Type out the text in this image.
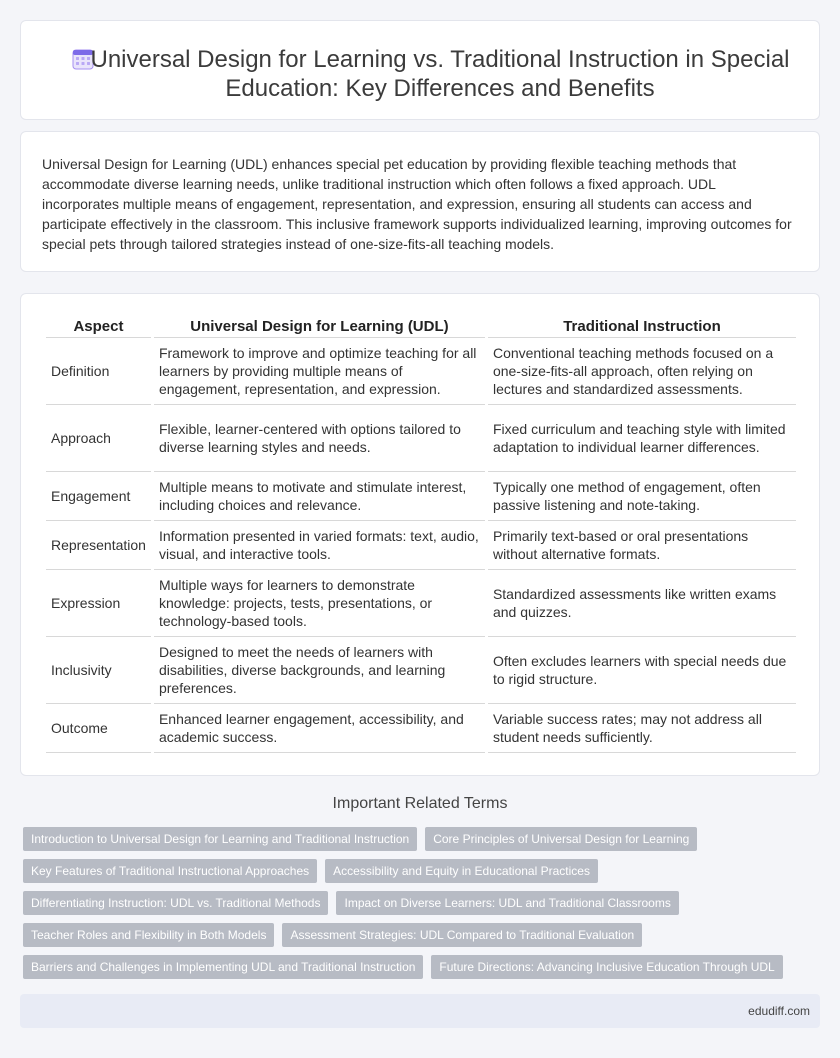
Universal Design for Learning vs. Traditional Instruction in Special Education: Key Differences and Benefits

Universal Design for Learning (UDL) enhances special pet education by providing flexible teaching methods that accommodate diverse learning needs, unlike traditional instruction which often follows a fixed approach. UDL incorporates multiple means of engagement, representation, and expression, ensuring all students can access and participate effectively in the classroom. This inclusive framework supports individualized learning, improving outcomes for special pets through tailored strategies instead of one-size-fits-all teaching models.

Aspect	Universal Design for Learning (UDL)	Traditional Instruction
Definition	Framework to improve and optimize teaching for all learners by providing multiple means of engagement, representation, and expression.	Conventional teaching methods focused on a one-size-fits-all approach, often relying on lectures and standardized assessments.
Approach	Flexible, learner-centered with options tailored to diverse learning styles and needs.	Fixed curriculum and teaching style with limited adaptation to individual learner differences.
Engagement	Multiple means to motivate and stimulate interest, including choices and relevance.	Typically one method of engagement, often passive listening and note-taking.
Representation	Information presented in varied formats: text, audio, visual, and interactive tools.	Primarily text-based or oral presentations without alternative formats.
Expression	Multiple ways for learners to demonstrate knowledge: projects, tests, presentations, or technology-based tools.	Standardized assessments like written exams and quizzes.
Inclusivity	Designed to meet the needs of learners with disabilities, diverse backgrounds, and learning preferences.	Often excludes learners with special needs due to rigid structure.
Outcome	Enhanced learner engagement, accessibility, and academic success.	Variable success rates; may not address all student needs sufficiently.
Important Related Terms
Introduction to Universal Design for Learning and Traditional Instruction	Core Principles of Universal Design for Learning
Key Features of Traditional Instructional Approaches	Accessibility and Equity in Educational Practices
Differentiating Instruction: UDL vs. Traditional Methods	Impact on Diverse Learners: UDL and Traditional Classrooms
Teacher Roles and Flexibility in Both Models	Assessment Strategies: UDL Compared to Traditional Evaluation
Barriers and Challenges in Implementing UDL and Traditional Instruction	Future Directions: Advancing Inclusive Education Through UDL
edudiff.com
